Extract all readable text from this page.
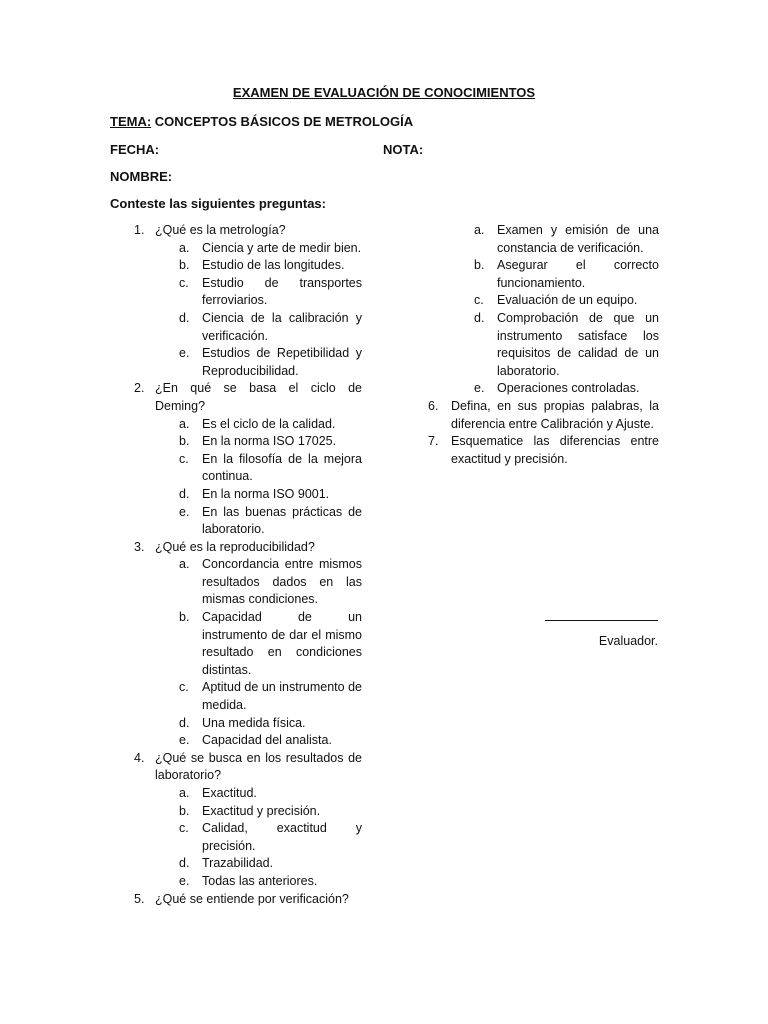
EXAMEN DE EVALUACIÓN DE CONOCIMIENTOS
TEMA: CONCEPTOS BÁSICOS DE METROLOGÍA
FECHA:	NOTA:
NOMBRE:
Conteste las siguientes preguntas:
1. ¿Qué es la metrología?
a.	Ciencia y arte de medir bien.
b.	Estudio de las longitudes.
c.	Estudio de transportes ferroviarios.
d.	Ciencia de la calibración y verificación.
e.	Estudios de Repetibilidad y Reproducibilidad.
2. ¿En qué se basa el ciclo de Deming?
a.	Es el ciclo de la calidad.
b.	En la norma ISO 17025.
c.	En la filosofía de la mejora continua.
d.	En la norma ISO 9001.
e.	En las buenas prácticas de laboratorio.
3. ¿Qué es la reproducibilidad?
a.	Concordancia entre mismos resultados dados en las mismas condiciones.
b.	Capacidad de un instrumento de dar el mismo resultado en condiciones distintas.
c.	Aptitud de un instrumento de medida.
d.	Una medida física.
e.	Capacidad del analista.
4. ¿Qué se busca en los resultados de laboratorio?
a.	Exactitud.
b.	Exactitud y precisión.
c.	Calidad, exactitud y precisión.
d.	Trazabilidad.
e.	Todas las anteriores.
5. ¿Qué se entiende por verificación?
a.	Examen y emisión de una constancia de verificación.
b.	Asegurar el correcto funcionamiento.
c.	Evaluación de un equipo.
d.	Comprobación de que un instrumento satisface los requisitos de calidad de un laboratorio.
e.	Operaciones controladas.
6.	Defina, en sus propias palabras, la diferencia entre Calibración y Ajuste.
7.	Esquematice las diferencias entre exactitud y precisión.
Evaluador.
